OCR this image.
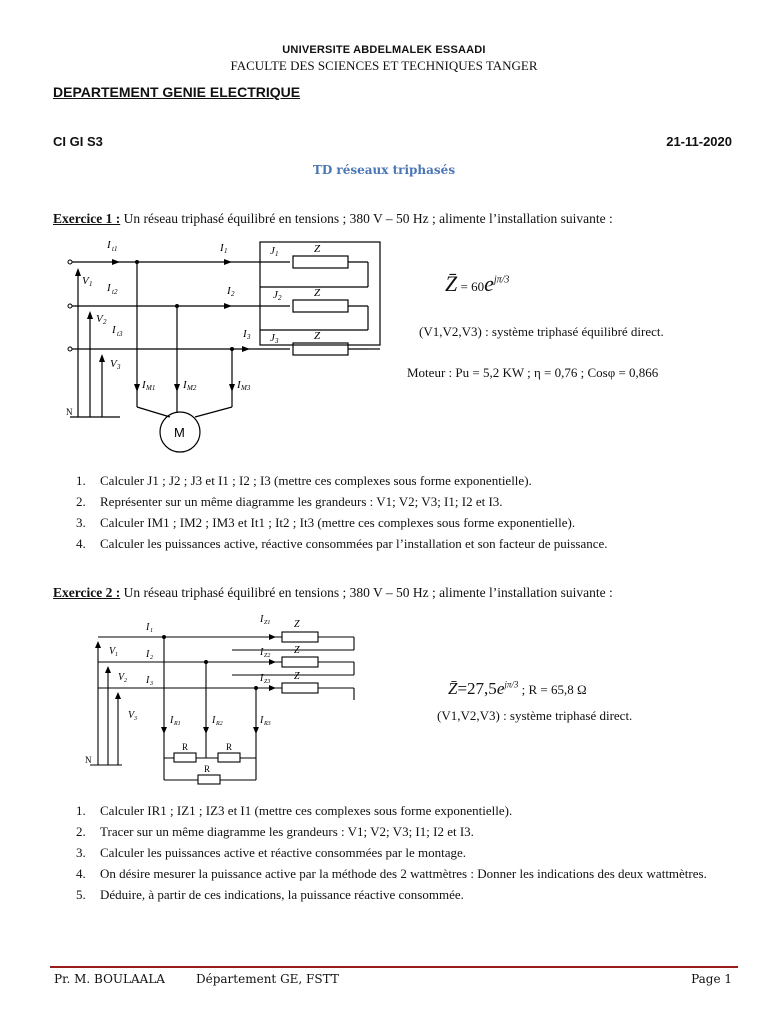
UNIVERSITE ABDELMALEK ESSAADI
FACULTE DES SCIENCES ET TECHNIQUES TANGER
DEPARTEMENT GENIE ELECTRIQUE
CI GI S3	21-11-2020
TD réseaux triphasés
Exercice 1 : Un réseau triphasé équilibré en tensions ; 380 V – 50 Hz ; alimente l’installation suivante :
I t1
I t2
I t3
V 1
V 2
V 3
I 1
I 2
I 3
J 1
J 2
J 3
Z
Z
Z
I M1	I M2	I M3
N
M
Z̄ = $60e^{j\pi/3}$
(V1,V2,V3) : système triphasé équilibré direct.
Moteur : Pu = 5,2 KW ; η = 0,76 ; Cosφ = 0,866
1. Calculer J1 ; J2 ; J3 et I1 ; I2 ; I3 (mettre ces complexes sous forme exponentielle).
2. Représenter sur un même diagramme les grandeurs : V1; V2; V3; I1; I2 et I3.
3. Calculer IM1 ; IM2 ; IM3 et It1 ; It2 ; It3 (mettre ces complexes sous forme exponentielle).
4. Calculer les puissances active, réactive consommées par l’installation et son facteur de puissance.
Exercice 2 : Un réseau triphasé équilibré en tensions ; 380 V – 50 Hz ; alimente l’installation suivante :
I 1
I 2
I 3
V 1
V 2
V 3
I Z1
I Z2
I Z3
Z
Z
Z
I R1	I R2	I R3
R	R
R
N
$Z̄=27,5e^{j\pi/3}$ ; R = 65,8 Ω
(V1,V2,V3) : système triphasé direct.
1. Calculer IR1 ; IZ1 ; IZ3 et I1 (mettre ces complexes sous forme exponentielle).
2. Tracer sur un même diagramme les grandeurs : V1; V2; V3; I1; I2 et I3.
3. Calculer les puissances active et réactive consommées par le montage.
4. On désire mesurer la puissance active par la méthode des 2 wattmètres : Donner les indications des deux wattmètres.
5. Déduire, à partir de ces indications, la puissance réactive consommée.
Pr. M. BOULAALA	Département GE, FSTT	Page 1
